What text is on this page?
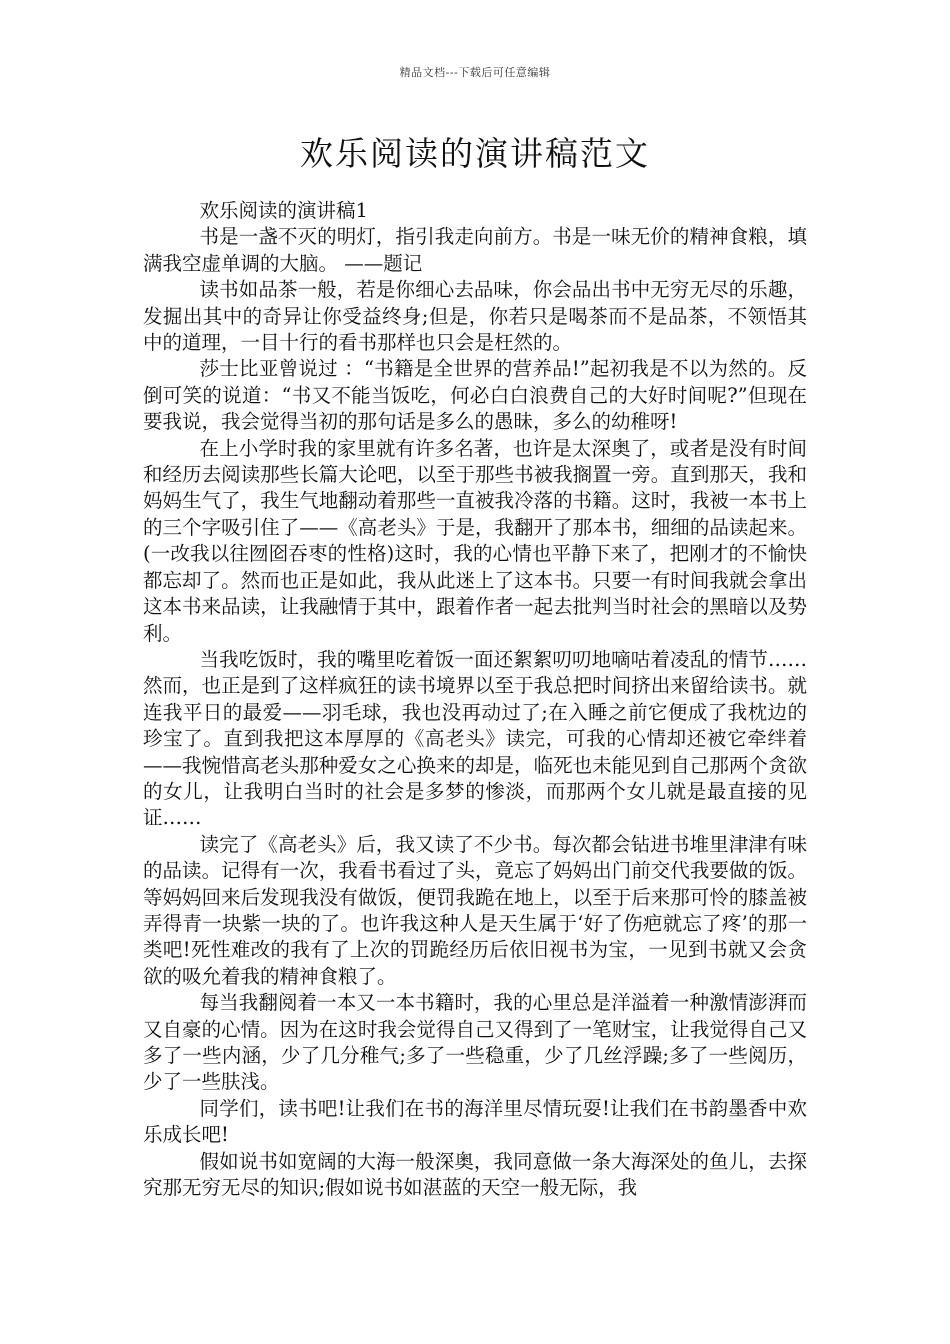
精品文档---下载后可任意编辑
欢乐阅读的演讲稿范文

欢乐阅读的演讲稿1

书是一盏不灭的明灯，指引我走向前方。书是一味无价的精神食粮，填满我空虚单调的大脑。 ——题记

读书如品茶一般，若是你细心去品味，你会品出书中无穷无尽的乐趣，发掘出其中的奇异让你受益终身;但是，你若只是喝茶而不是品茶，不领悟其中的道理，一目十行的看书那样也只会是枉然的。

莎士比亚曾说过 ：“书籍是全世界的营养品!”起初我是不以为然的。反倒可笑的说道：“书又不能当饭吃，何必白白浪费自己的大好时间呢?”但现在要我说，我会觉得当初的那句话是多么的愚昧，多么的幼稚呀!

在上小学时我的家里就有许多名著，也许是太深奥了，或者是没有时间和经历去阅读那些长篇大论吧，以至于那些书被我搁置一旁。直到那天，我和妈妈生气了，我生气地翻动着那些一直被我冷落的书籍。这时，我被一本书上的三个字吸引住了——《高老头》于是，我翻开了那本书，细细的品读起来。(一改我以往囫囵吞枣的性格)这时，我的心情也平静下来了，把刚才的不愉快都忘却了。然而也正是如此，我从此迷上了这本书。只要一有时间我就会拿出这本书来品读，让我融情于其中，跟着作者一起去批判当时社会的黑暗以及势利。

当我吃饭时，我的嘴里吃着饭一面还絮絮叨叨地嘀咕着凌乱的情节……然而，也正是到了这样疯狂的读书境界以至于我总把时间挤出来留给读书。就连我平日的最爱——羽毛球，我也没再动过了;在入睡之前它便成了我枕边的珍宝了。直到我把这本厚厚的《高老头》读完，可我的心情却还被它牵绊着——我惋惜高老头那种爱女之心换来的却是，临死也未能见到自己那两个贪欲的女儿，让我明白当时的社会是多梦的惨淡，而那两个女儿就是最直接的见证……

读完了《高老头》后，我又读了不少书。每次都会钻进书堆里津津有味的品读。记得有一次，我看书看过了头，竟忘了妈妈出门前交代我要做的饭。等妈妈回来后发现我没有做饭，便罚我跪在地上，以至于后来那可怜的膝盖被弄得青一块紫一块的了。也许我这种人是天生属于‘好了伤疤就忘了疼’的那一类吧!死性难改的我有了上次的罚跪经历后依旧视书为宝，一见到书就又会贪欲的吸允着我的精神食粮了。

每当我翻阅着一本又一本书籍时，我的心里总是洋溢着一种激情澎湃而又自豪的心情。因为在这时我会觉得自己又得到了一笔财宝，让我觉得自己又多了一些内涵，少了几分稚气;多了一些稳重，少了几丝浮躁;多了一些阅历，少了一些肤浅。

同学们，读书吧!让我们在书的海洋里尽情玩耍!让我们在书韵墨香中欢乐成长吧!

假如说书如宽阔的大海一般深奥，我同意做一条大海深处的鱼儿，去探究那无穷无尽的知识;假如说书如湛蓝的天空一般无际，我
